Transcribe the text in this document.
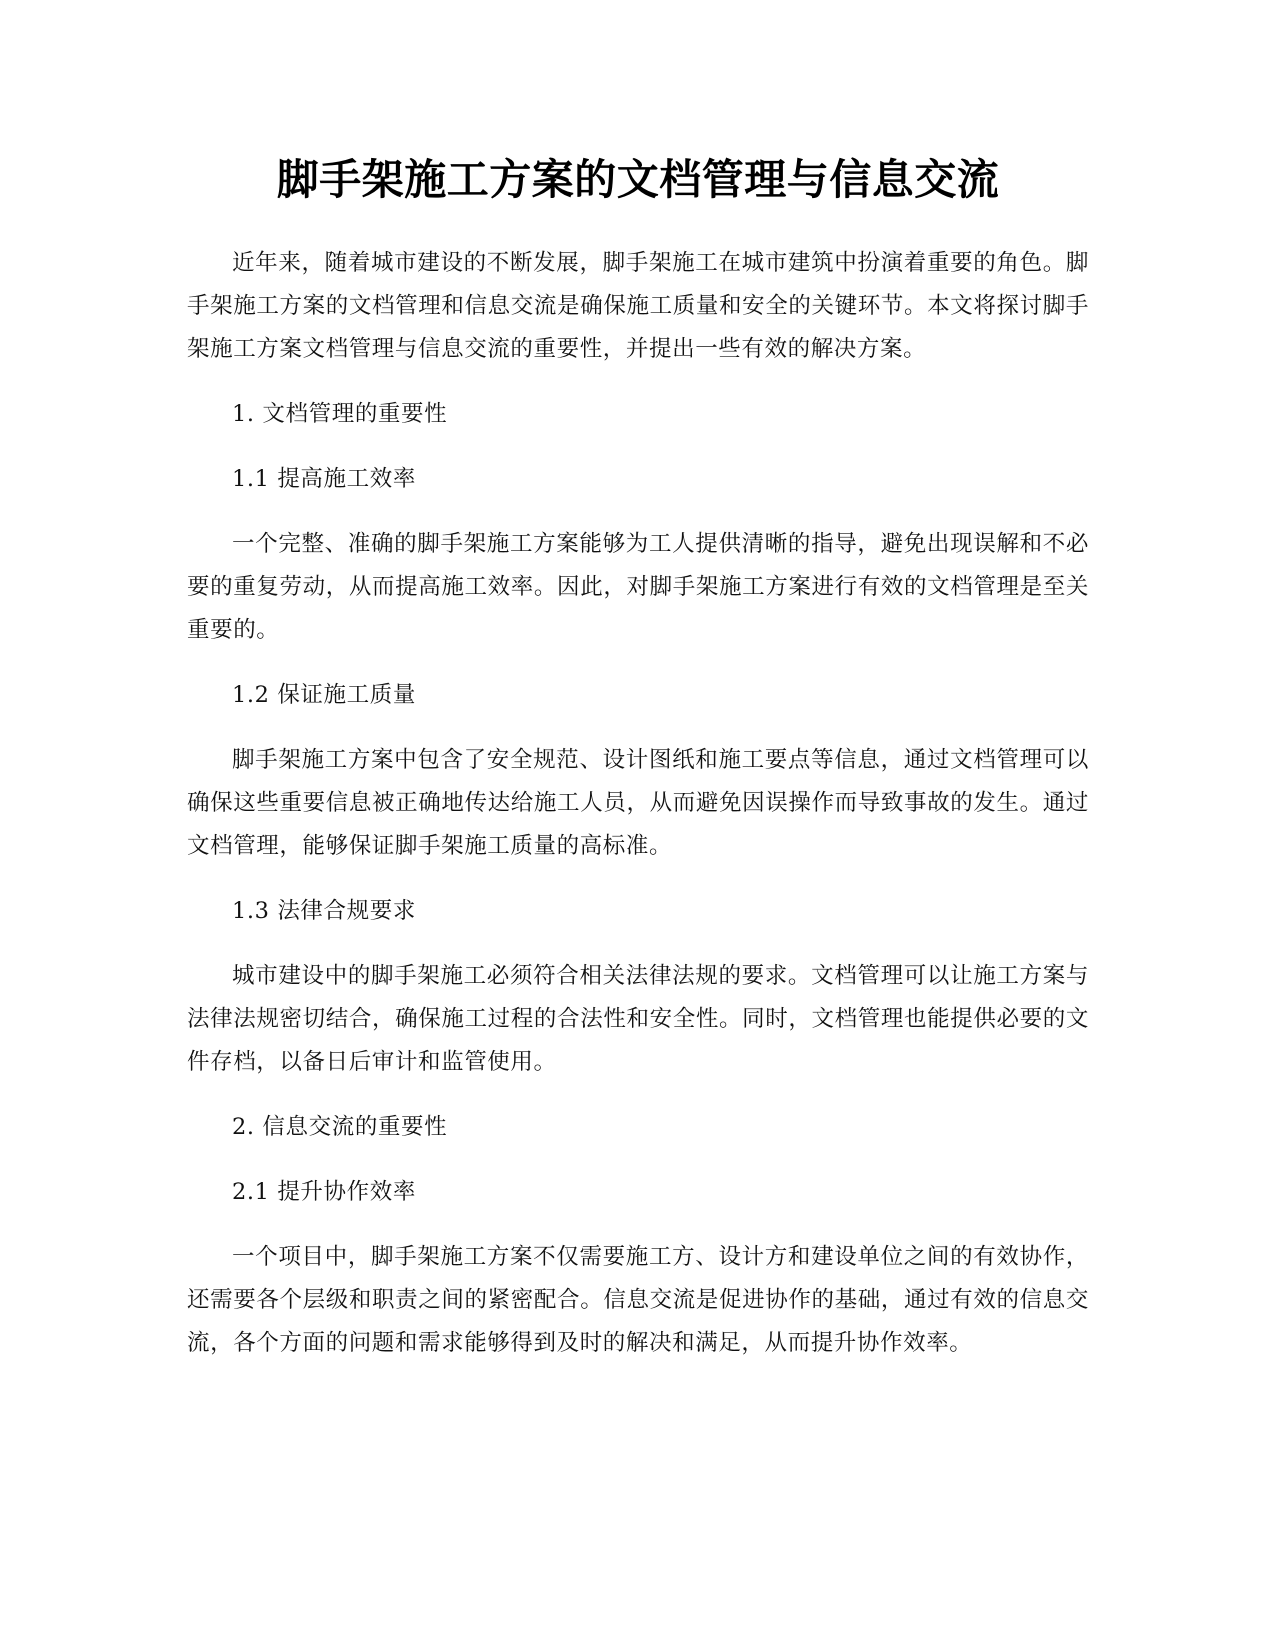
脚手架施工方案的文档管理与信息交流

近年来，随着城市建设的不断发展，脚手架施工在城市建筑中扮演着重要的角色。脚手架施工方案的文档管理和信息交流是确保施工质量和安全的关键环节。本文将探讨脚手架施工方案文档管理与信息交流的重要性，并提出一些有效的解决方案。

1. 文档管理的重要性

1.1 提高施工效率

一个完整、准确的脚手架施工方案能够为工人提供清晰的指导，避免出现误解和不必要的重复劳动，从而提高施工效率。因此，对脚手架施工方案进行有效的文档管理是至关重要的。

1.2 保证施工质量

脚手架施工方案中包含了安全规范、设计图纸和施工要点等信息，通过文档管理可以确保这些重要信息被正确地传达给施工人员，从而避免因误操作而导致事故的发生。通过文档管理，能够保证脚手架施工质量的高标准。

1.3 法律合规要求

城市建设中的脚手架施工必须符合相关法律法规的要求。文档管理可以让施工方案与法律法规密切结合，确保施工过程的合法性和安全性。同时，文档管理也能提供必要的文件存档，以备日后审计和监管使用。

2. 信息交流的重要性

2.1 提升协作效率

一个项目中，脚手架施工方案不仅需要施工方、设计方和建设单位之间的有效协作，还需要各个层级和职责之间的紧密配合。信息交流是促进协作的基础，通过有效的信息交流，各个方面的问题和需求能够得到及时的解决和满足，从而提升协作效率。
